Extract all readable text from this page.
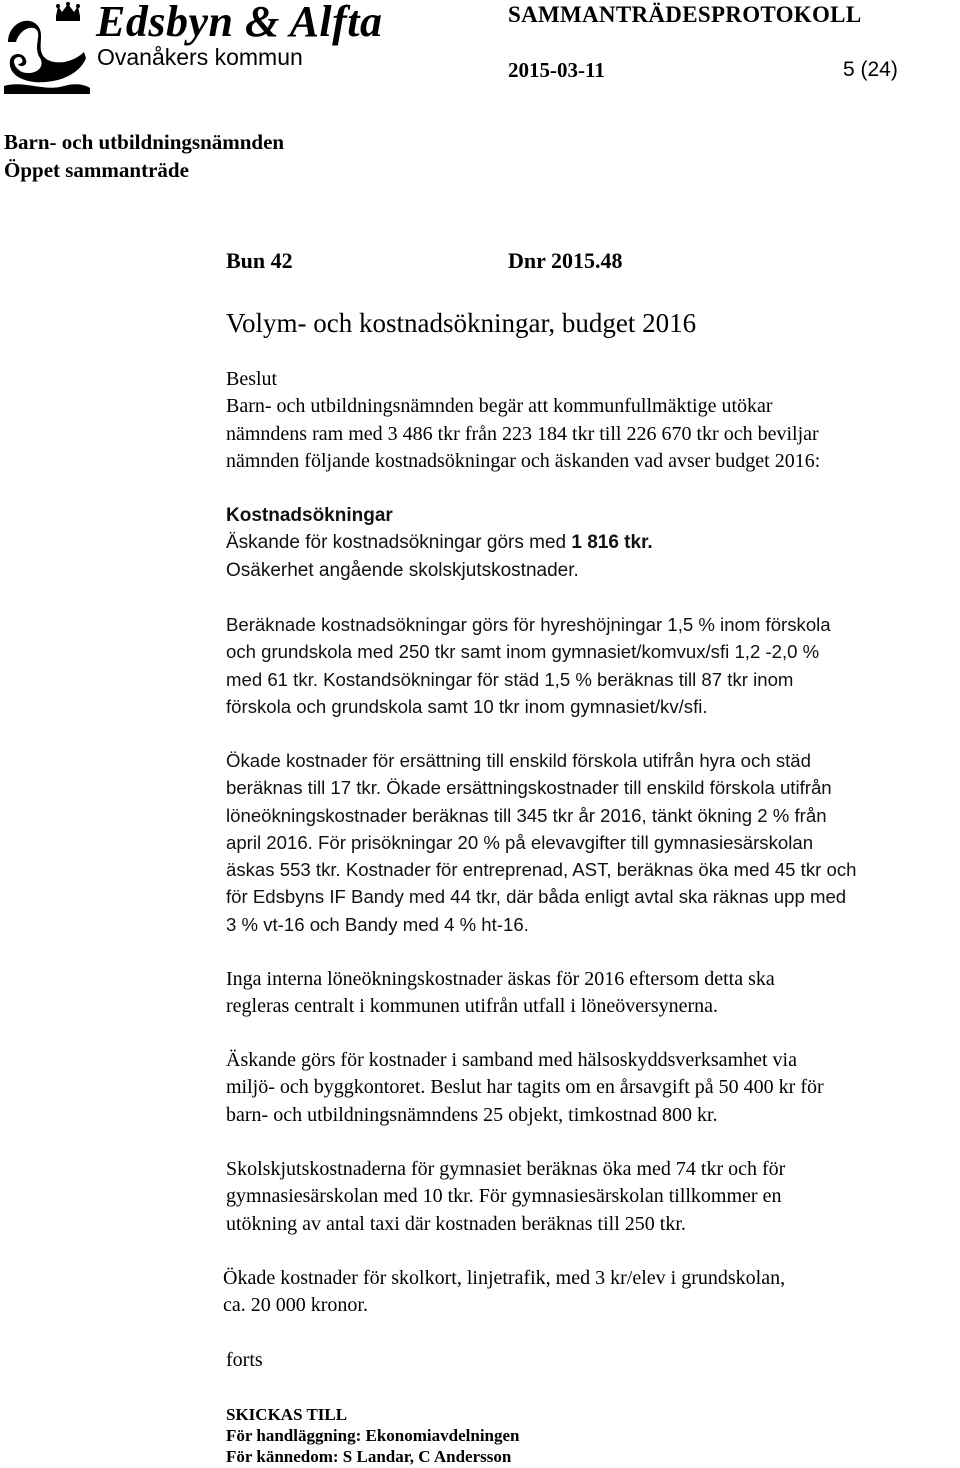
Edsbyn & Alfta
Ovanåkers kommun
SAMMANTRÄDESPROTOKOLL
2015-03-11	5 (24)
Barn- och utbildningsnämnden
Öppet sammanträde
Bun 42	Dnr 2015.48
Volym- och kostnadsökningar, budget 2016
Beslut
Barn- och utbildningsnämnden begär att kommunfullmäktige utökar
nämndens ram med 3 486 tkr från 223 184 tkr till 226 670 tkr och beviljar
nämnden följande kostnadsökningar och äskanden vad avser budget 2016:
Kostnadsökningar
Äskande för kostnadsökningar görs med 1 816 tkr.
Osäkerhet angående skolskjutskostnader.
Beräknade kostnadsökningar görs för hyreshöjningar 1,5 % inom förskola
och grundskola med 250 tkr samt inom gymnasiet/komvux/sfi 1,2 -2,0 %
med 61 tkr. Kostandsökningar för städ 1,5 % beräknas till 87 tkr inom
förskola och grundskola samt 10 tkr inom gymnasiet/kv/sfi.
Ökade kostnader för ersättning till enskild förskola utifrån hyra och städ
beräknas till 17 tkr. Ökade ersättningskostnader till enskild förskola utifrån
löneökningskostnader beräknas till 345 tkr år 2016, tänkt ökning 2 % från
april 2016. För prisökningar 20 % på elevavgifter till gymnasiesärskolan
äskas 553 tkr. Kostnader för entreprenad, AST, beräknas öka med 45 tkr och
för Edsbyns IF Bandy med 44 tkr, där båda enligt avtal ska räknas upp med
3 % vt-16 och Bandy med 4 % ht-16.
Inga interna löneökningskostnader äskas för 2016 eftersom detta ska
regleras centralt i kommunen utifrån utfall i löneöversynerna.
Äskande görs för kostnader i samband med hälsoskyddsverksamhet via
miljö- och byggkontoret. Beslut har tagits om en årsavgift på 50 400 kr för
barn- och utbildningsnämndens 25 objekt, timkostnad 800 kr.
Skolskjutskostnaderna för gymnasiet beräknas öka med 74 tkr och för
gymnasiesärskolan med 10 tkr. För gymnasiesärskolan tillkommer en
utökning av antal taxi där kostnaden beräknas till 250 tkr.
Ökade kostnader för skolkort, linjetrafik, med 3 kr/elev i grundskolan,
ca. 20 000 kronor.
forts
SKICKAS TILL
För handläggning: Ekonomiavdelningen
För kännedom: S Landar, C Andersson
